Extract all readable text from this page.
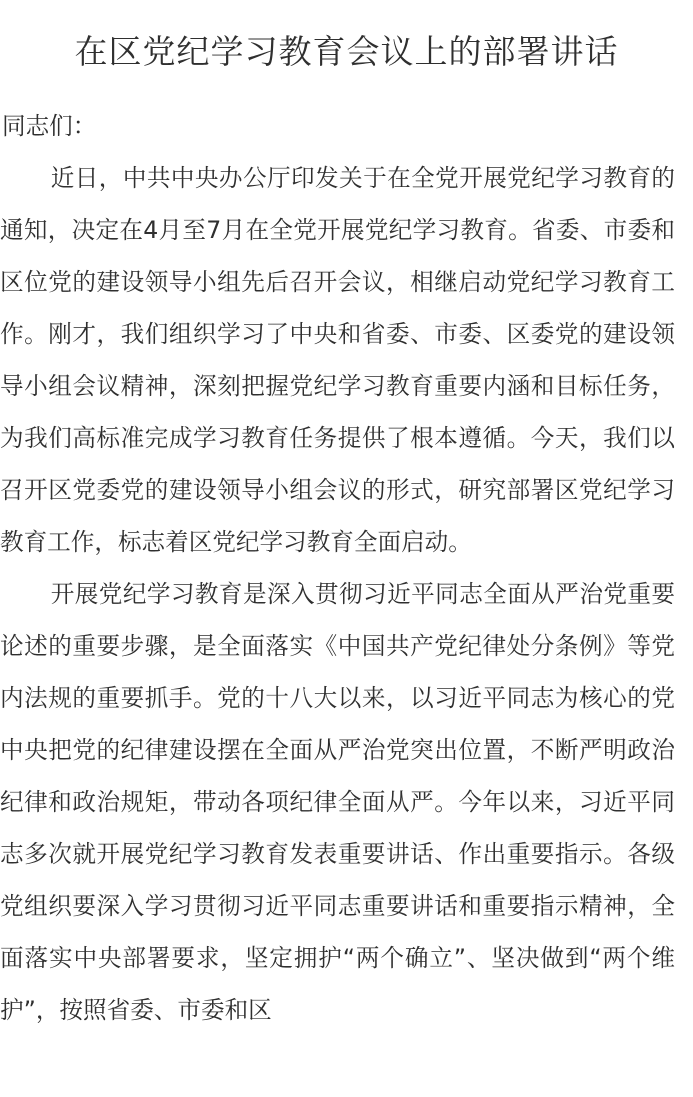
在区党纪学习教育会议上的部署讲话
同志们：

近日，中共中央办公厅印发关于在全党开展党纪学习教育的通知，决定在4月至7月在全党开展党纪学习教育。省委、市委和区位党的建设领导小组先后召开会议，相继启动党纪学习教育工作。刚才，我们组织学习了中央和省委、市委、区委党的建设领导小组会议精神，深刻把握党纪学习教育重要内涵和目标任务，为我们高标准完成学习教育任务提供了根本遵循。今天，我们以召开区党委党的建设领导小组会议的形式，研究部署区党纪学习教育工作，标志着区党纪学习教育全面启动。

开展党纪学习教育是深入贯彻习近平同志全面从严治党重要论述的重要步骤，是全面落实《中国共产党纪律处分条例》等党内法规的重要抓手。党的十八大以来，以习近平同志为核心的党中央把党的纪律建设摆在全面从严治党突出位置，不断严明政治纪律和政治规矩，带动各项纪律全面从严。今年以来，习近平同志多次就开展党纪学习教育发表重要讲话、作出重要指示。各级党组织要深入学习贯彻习近平同志重要讲话和重要指示精神，全面落实中央部署要求，坚定拥护“两个确立”、坚决做到“两个维护”，按照省委、市委和区
